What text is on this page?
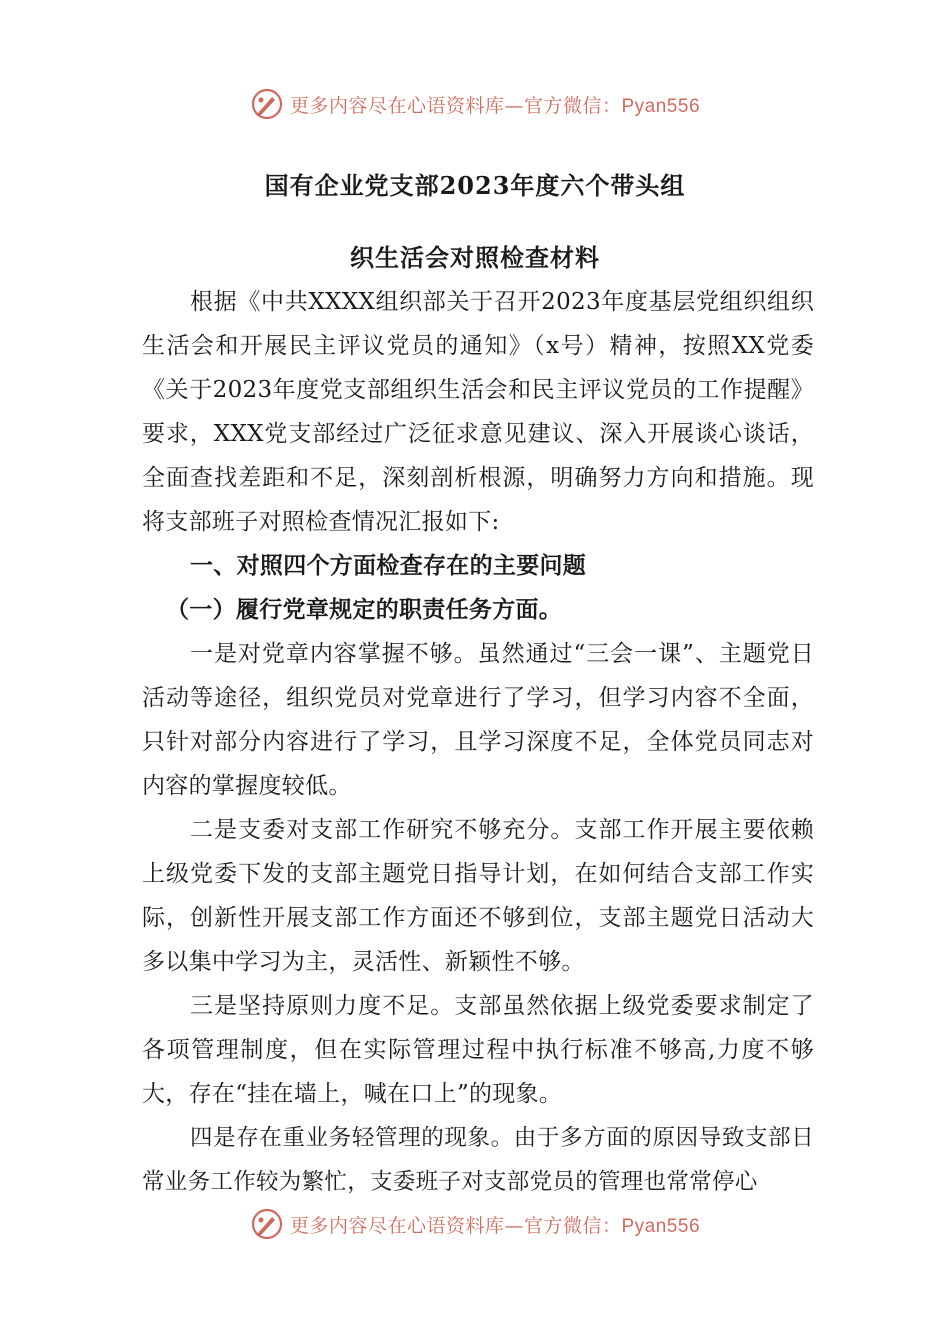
更多内容尽在心语资料库—官方微信：Pyan556
国有企业党支部2023年度六个带头组
织生活会对照检查材料

根据《中共XXXX组织部关于召开2023年度基层党组织组织生活会和开展民主评议党员的通知》（x号）精神，按照XX党委《关于2023年度党支部组织生活会和民主评议党员的工作提醒》要求，XXX党支部经过广泛征求意见建议、深入开展谈心谈话，全面查找差距和不足，深刻剖析根源，明确努力方向和措施。现将支部班子对照检查情况汇报如下:

一、对照四个方面检查存在的主要问题

（一）履行党章规定的职责任务方面。

一是对党章内容掌握不够。虽然通过“三会一课”、主题党日活动等途径，组织党员对党章进行了学习，但学习内容不全面，只针对部分内容进行了学习，且学习深度不足，全体党员同志对内容的掌握度较低。

二是支委对支部工作研究不够充分。支部工作开展主要依赖上级党委下发的支部主题党日指导计划，在如何结合支部工作实际，创新性开展支部工作方面还不够到位，支部主题党日活动大多以集中学习为主，灵活性、新颖性不够。

三是坚持原则力度不足。支部虽然依据上级党委要求制定了各项管理制度，但在实际管理过程中执行标准不够高,力度不够大，存在“挂在墙上，喊在口上”的现象。

四是存在重业务轻管理的现象。由于多方面的原因导致支部日常业务工作较为繁忙，支委班子对支部党员的管理也常常停心

更多内容尽在心语资料库—官方微信：Pyan556
